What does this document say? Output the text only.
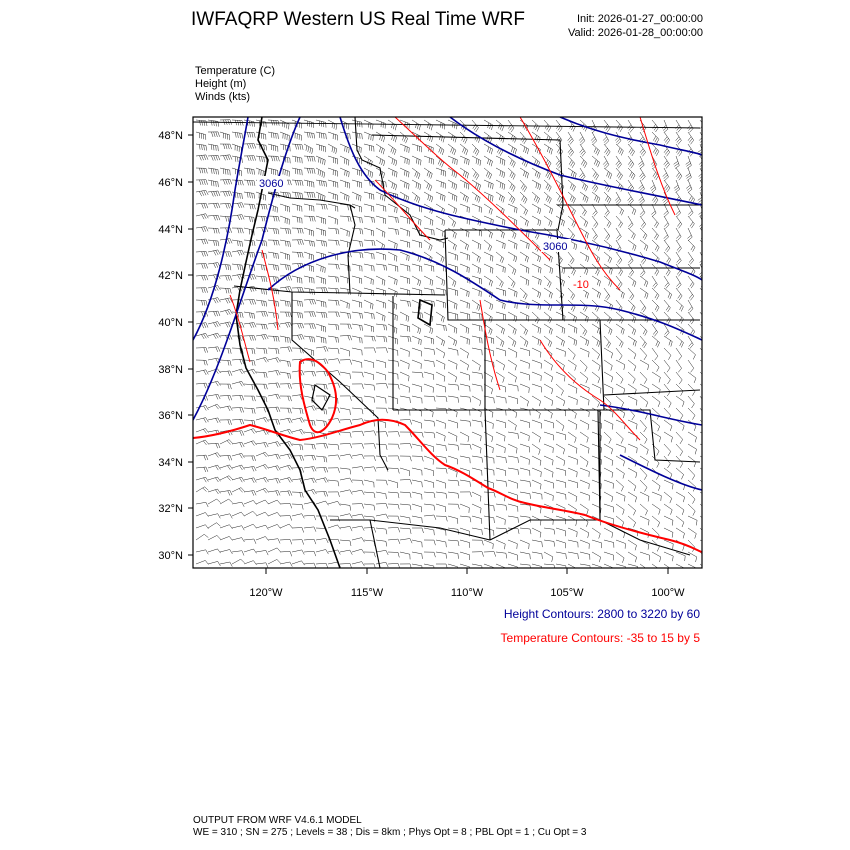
IWFAQRP Western US Real Time WRF	Init: 2026-01-27_00:00:00
Valid: 2026-01-28_00:00:00
Temperature (C)
Height (m)
Winds (kts)
3060
3060
-10
48°N
46°N
44°N
42°N
40°N
38°N
36°N
34°N
32°N
30°N
120°W	115°W	110°W	105°W	100°W
Height Contours: 2800 to 3220 by 60
Temperature Contours: -35 to 15 by 5
OUTPUT FROM WRF V4.6.1 MODEL
WE = 310 ; SN = 275 ; Levels = 38 ; Dis = 8km ; Phys Opt = 8 ; PBL Opt = 1 ; Cu Opt = 3
